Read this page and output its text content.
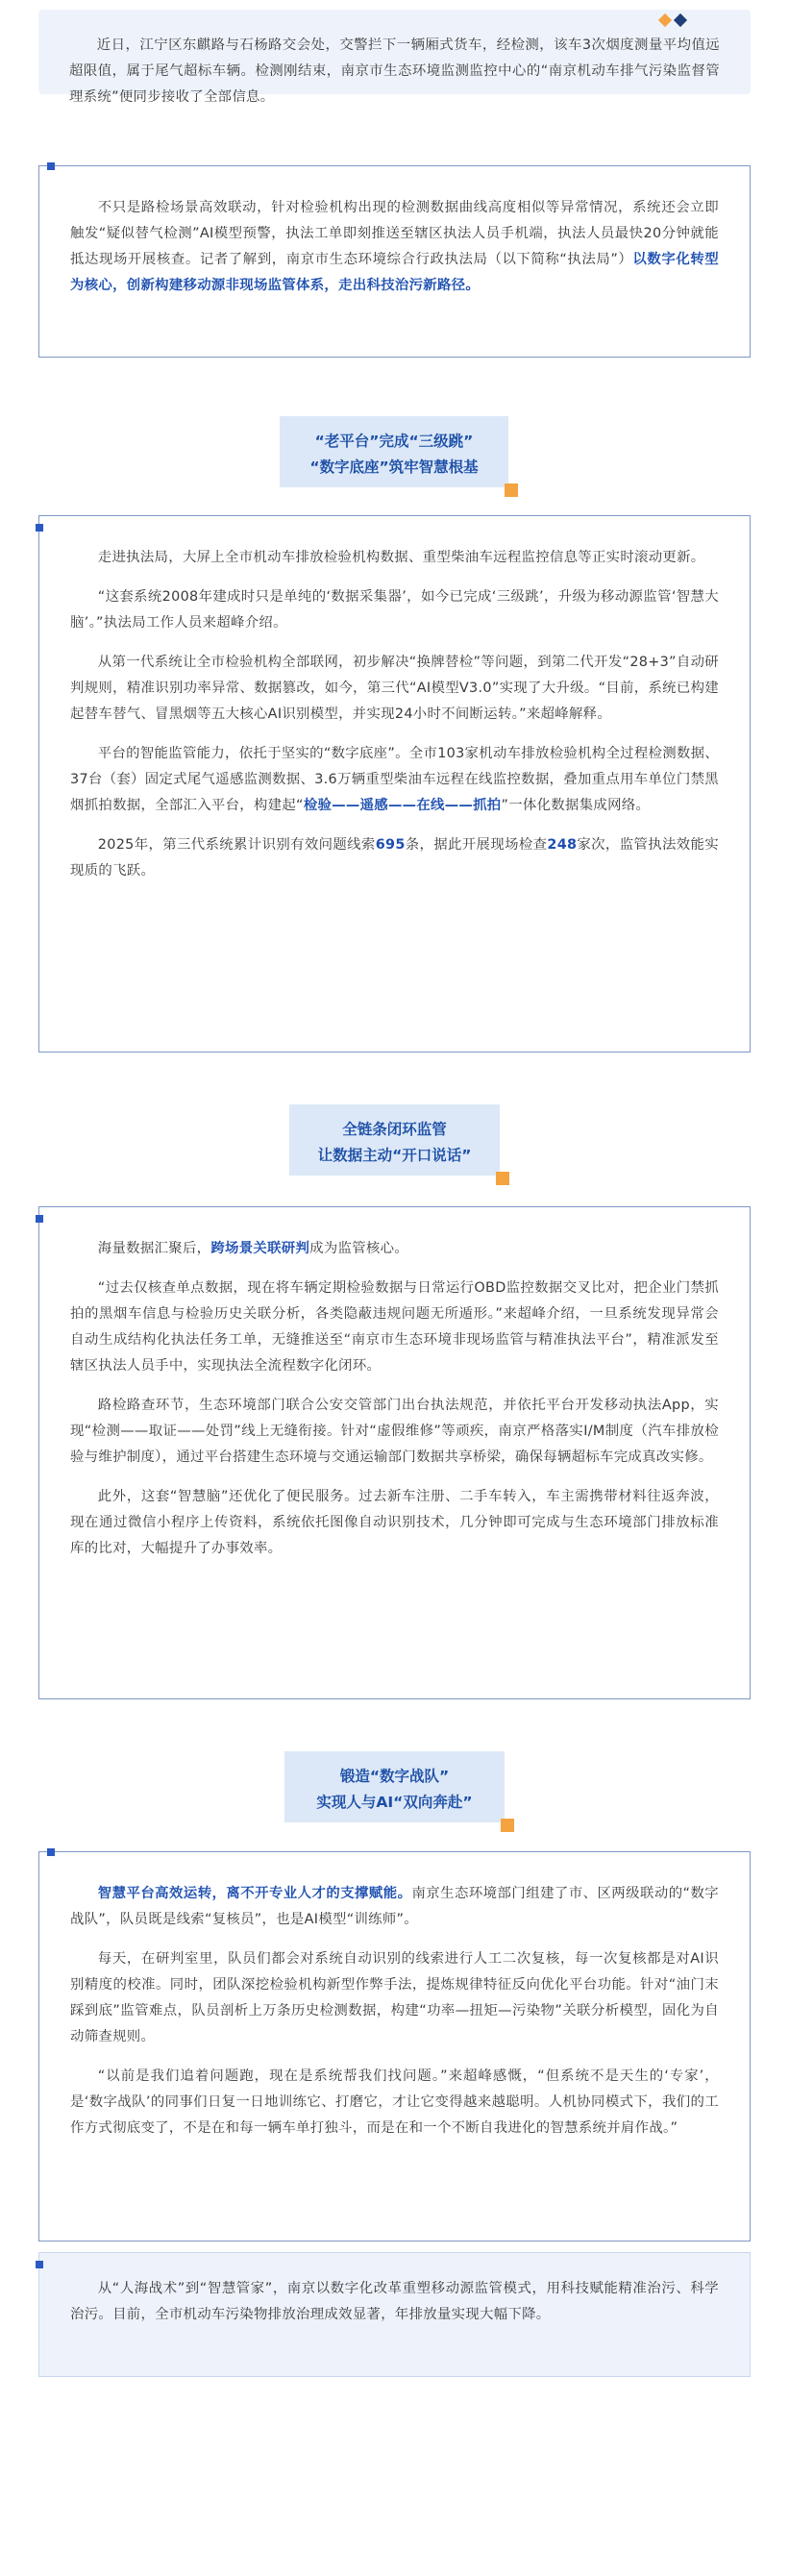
近日，江宁区东麒路与石杨路交会处，交警拦下一辆厢式货车，经检测，该车3次烟度测量平均值远超限值，属于尾气超标车辆。检测刚结束，南京市生态环境监测监控中心的“南京机动车排气污染监督管理系统”便同步接收了全部信息。

不只是路检场景高效联动，针对检验机构出现的检测数据曲线高度相似等异常情况，系统还会立即触发“疑似替气检测”AI模型预警，执法工单即刻推送至辖区执法人员手机端，执法人员最快20分钟就能抵达现场开展核查。记者了解到，南京市生态环境综合行政执法局（以下简称“执法局”）以数字化转型为核心，创新构建移动源非现场监管体系，走出科技治污新路径。

“老平台”完成“三级跳”
“数字底座”筑牢智慧根基

走进执法局，大屏上全市机动车排放检验机构数据、重型柴油车远程监控信息等正实时滚动更新。

“这套系统2008年建成时只是单纯的‘数据采集器’，如今已完成‘三级跳’，升级为移动源监管‘智慧大脑’。”执法局工作人员来超峰介绍。

从第一代系统让全市检验机构全部联网，初步解决“换牌替检”等问题，到第二代开发“28+3”自动研判规则，精准识别功率异常、数据篡改，如今，第三代“AI模型V3.0”实现了大升级。“目前，系统已构建起替车替气、冒黑烟等五大核心AI识别模型，并实现24小时不间断运转。”来超峰解释。

平台的智能监管能力，依托于坚实的“数字底座”。全市103家机动车排放检验机构全过程检测数据、37台（套）固定式尾气遥感监测数据、3.6万辆重型柴油车远程在线监控数据，叠加重点用车单位门禁黑烟抓拍数据，全部汇入平台，构建起“检验——遥感——在线——抓拍”一体化数据集成网络。

2025年，第三代系统累计识别有效问题线索695条，据此开展现场检查248家次，监管执法效能实现质的飞跃。

全链条闭环监管
让数据主动“开口说话”

海量数据汇聚后，跨场景关联研判成为监管核心。

“过去仅核查单点数据，现在将车辆定期检验数据与日常运行OBD监控数据交叉比对，把企业门禁抓拍的黑烟车信息与检验历史关联分析，各类隐蔽违规问题无所遁形。”来超峰介绍，一旦系统发现异常会自动生成结构化执法任务工单，无缝推送至“南京市生态环境非现场监管与精准执法平台”，精准派发至辖区执法人员手中，实现执法全流程数字化闭环。

路检路查环节，生态环境部门联合公安交管部门出台执法规范，并依托平台开发移动执法App，实现“检测——取证——处罚”线上无缝衔接。针对“虚假维修”等顽疾，南京严格落实I/M制度（汽车排放检验与维护制度），通过平台搭建生态环境与交通运输部门数据共享桥梁，确保每辆超标车完成真改实修。

此外，这套“智慧脑”还优化了便民服务。过去新车注册、二手车转入，车主需携带材料往返奔波，现在通过微信小程序上传资料，系统依托图像自动识别技术，几分钟即可完成与生态环境部门排放标准库的比对，大幅提升了办事效率。

锻造“数字战队”
实现人与AI“双向奔赴”

智慧平台高效运转，离不开专业人才的支撑赋能。南京生态环境部门组建了市、区两级联动的“数字战队”，队员既是线索“复核员”，也是AI模型“训练师”。

每天，在研判室里，队员们都会对系统自动识别的线索进行人工二次复核，每一次复核都是对AI识别精度的校准。同时，团队深挖检验机构新型作弊手法，提炼规律特征反向优化平台功能。针对“油门末踩到底”监管难点，队员剖析上万条历史检测数据，构建“功率—扭矩—污染物”关联分析模型，固化为自动筛查规则。

“以前是我们追着问题跑，现在是系统帮我们找问题。”来超峰感慨，“但系统不是天生的‘专家’，是‘数字战队’的同事们日复一日地训练它、打磨它，才让它变得越来越聪明。人机协同模式下，我们的工作方式彻底变了，不是在和每一辆车单打独斗，而是在和一个不断自我进化的智慧系统并肩作战。”

从“人海战术”到“智慧管家”，南京以数字化改革重塑移动源监管模式，用科技赋能精准治污、科学治污。目前，全市机动车污染物排放治理成效显著，年排放量实现大幅下降。
